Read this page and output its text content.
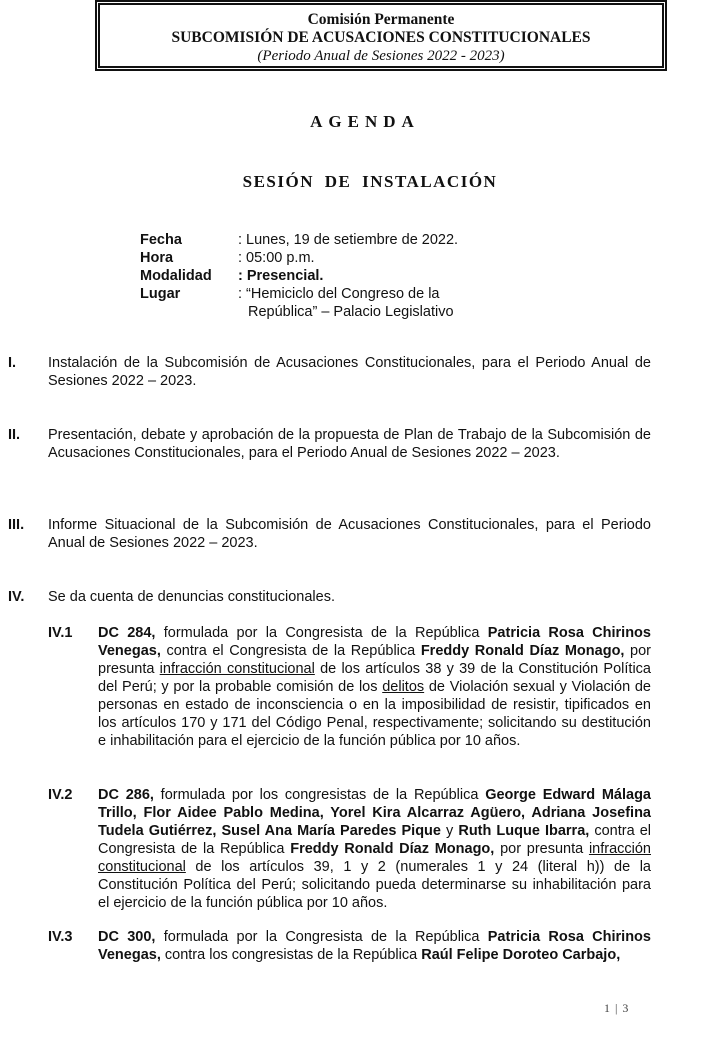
Comisión Permanente
SUBCOMISIÓN DE ACUSACIONES CONSTITUCIONALES
(Periodo Anual de Sesiones 2022 - 2023)
AGENDA
SESIÓN DE INSTALACIÓN
Fecha	: Lunes, 19 de setiembre de 2022.
Hora	: 05:00 p.m.
Modalidad	: Presencial.
Lugar	: “Hemiciclo del Congreso de la
República” – Palacio Legislativo
I. Instalación de la Subcomisión de Acusaciones Constitucionales, para el Periodo Anual de Sesiones 2022 – 2023.
II. Presentación, debate y aprobación de la propuesta de Plan de Trabajo de la Subcomisión de Acusaciones Constitucionales, para el Periodo Anual de Sesiones 2022 – 2023.
III. Informe Situacional de la Subcomisión de Acusaciones Constitucionales, para el Periodo Anual de Sesiones 2022 – 2023.
IV. Se da cuenta de denuncias constitucionales.
IV.1 DC 284, formulada por la Congresista de la República Patricia Rosa Chirinos Venegas, contra el Congresista de la República Freddy Ronald Díaz Monago, por presunta infracción constitucional de los artículos 38 y 39 de la Constitución Política del Perú; y por la probable comisión de los delitos de Violación sexual y Violación de personas en estado de inconsciencia o en la imposibilidad de resistir, tipificados en los artículos 170 y 171 del Código Penal, respectivamente; solicitando su destitución e inhabilitación para el ejercicio de la función pública por 10 años.
IV.2 DC 286, formulada por los congresistas de la República George Edward Málaga Trillo, Flor Aidee Pablo Medina, Yorel Kira Alcarraz Agüero, Adriana Josefina Tudela Gutiérrez, Susel Ana María Paredes Pique y Ruth Luque Ibarra, contra el Congresista de la República Freddy Ronald Díaz Monago, por presunta infracción constitucional de los artículos 39, 1 y 2 (numerales 1 y 24 (literal h)) de la Constitución Política del Perú; solicitando pueda determinarse su inhabilitación para el ejercicio de la función pública por 10 años.
IV.3 DC 300, formulada por la Congresista de la República Patricia Rosa Chirinos Venegas, contra los congresistas de la República Raúl Felipe Doroteo Carbajo,
1 | 3
